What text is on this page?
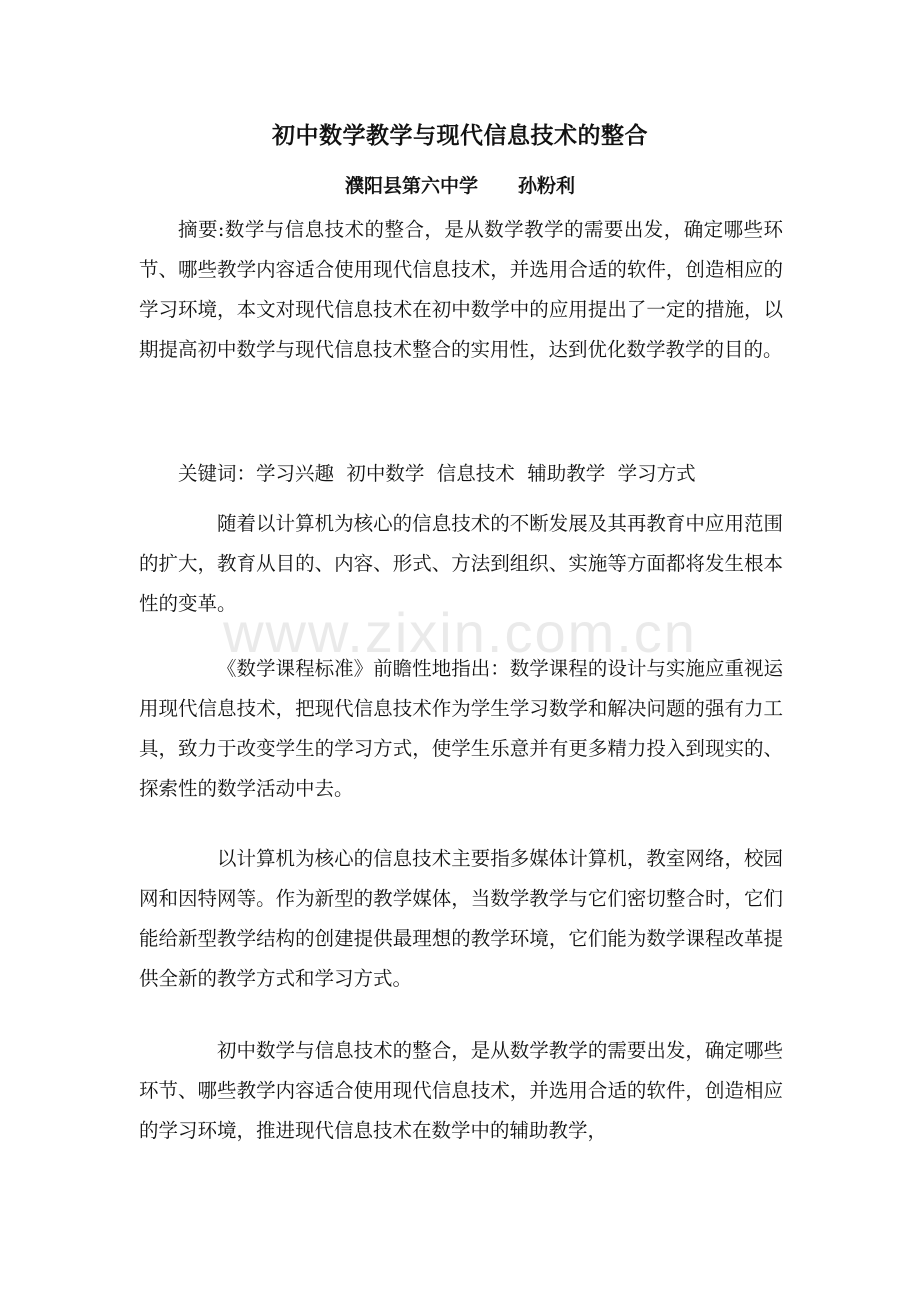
www.zixin.com.cn
初中数学教学与现代信息技术的整合
濮阳县第六中学 孙粉利

摘要:数学与信息技术的整合，是从数学教学的需要出发，确定哪些环节、哪些教学内容适合使用现代信息技术，并选用合适的软件，创造相应的学习环境，本文对现代信息技术在初中数学中的应用提出了一定的措施，以期提高初中数学与现代信息技术整合的实用性，达到优化数学教学的目的。

关键词：学习兴趣  初中数学  信息技术  辅助教学  学习方式

随着以计算机为核心的信息技术的不断发展及其再教育中应用范围的扩大，教育从目的、内容、形式、方法到组织、实施等方面都将发生根本性的变革。

《数学课程标准》前瞻性地指出：数学课程的设计与实施应重视运用现代信息技术，把现代信息技术作为学生学习数学和解决问题的强有力工具，致力于改变学生的学习方式，使学生乐意并有更多精力投入到现实的、探索性的数学活动中去。

以计算机为核心的信息技术主要指多媒体计算机，教室网络，校园网和因特网等。作为新型的教学媒体，当数学教学与它们密切整合时，它们能给新型教学结构的创建提供最理想的教学环境，它们能为数学课程改革提供全新的教学方式和学习方式。

初中数学与信息技术的整合，是从数学教学的需要出发，确定哪些环节、哪些教学内容适合使用现代信息技术，并选用合适的软件，创造相应的学习环境，推进现代信息技术在数学中的辅助教学，
